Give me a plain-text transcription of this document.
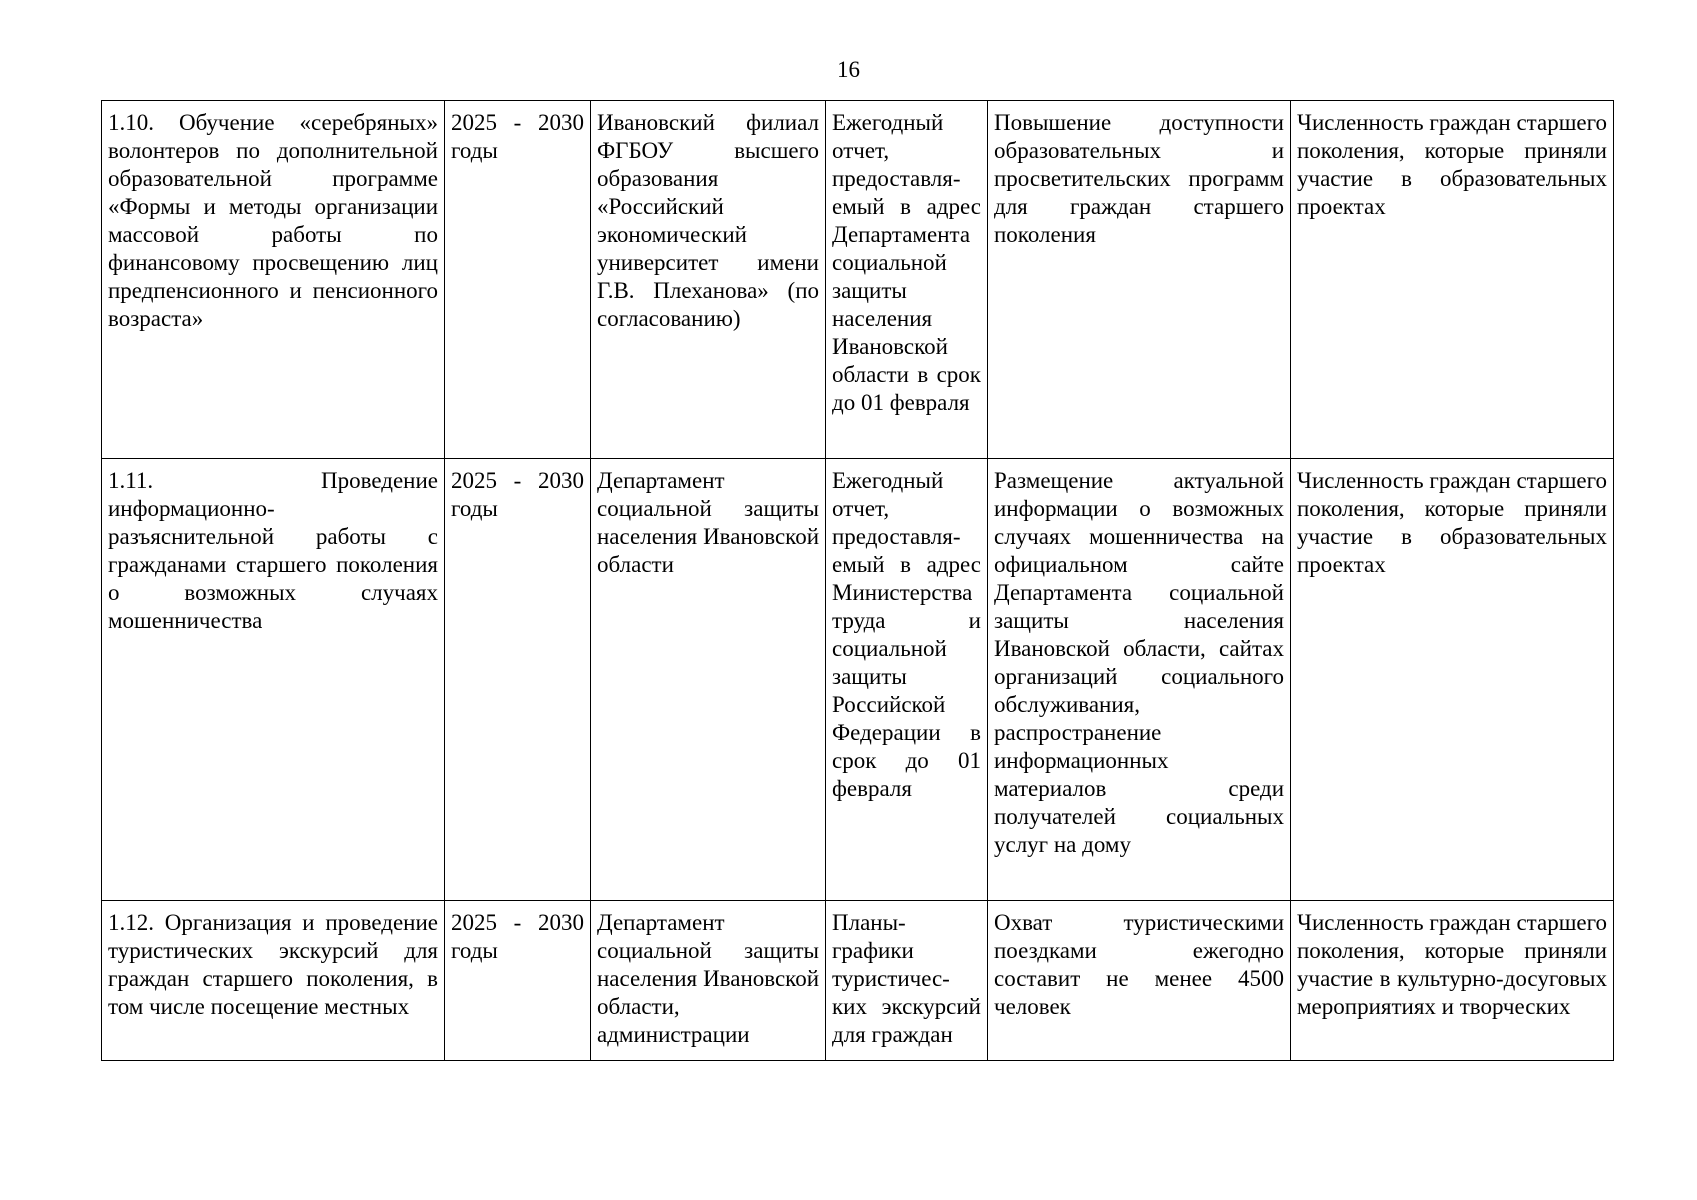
16
1.10. Обучение «серебряных» волонтеров по дополнительной образовательной программе «Формы и методы организации массовой работы по финансовому просвещению лиц предпенсионного и пенсионного возраста»	2025 - 2030 годы	Ивановский филиал ФГБОУ высшего образования «Российский экономический университет имени Г.В. Плеханова» (по согласованию)	Ежегодный отчет, предоставля-емый в адрес Департамента социальной защиты населения Ивановской области в срок до 01 февраля	Повышение доступности образовательных и просветительских программ для граждан старшего поколения	Численность граждан старшего поколения, которые приняли участие в образовательных проектах

1.11. Проведение информационно-разъяснительной работы с гражданами старшего поколения о возможных случаях мошенничества	2025 - 2030 годы	Департамент социальной защиты населения Ивановской области	Ежегодный отчет, предоставля-емый в адрес Министерства труда и социальной защиты Российской Федерации в срок до 01 февраля	Размещение актуальной информации о возможных случаях мошенничества на официальном сайте Департамента социальной защиты населения Ивановской области, сайтах организаций социального обслуживания, распространение информационных материалов среди получателей социальных услуг на дому	Численность граждан старшего поколения, которые приняли участие в образовательных проектах

1.12. Организация и проведение туристических экскурсий для граждан старшего поколения, в том числе посещение местных	2025 - 2030 годы	Департамент социальной защиты населения Ивановской области, администрации	Планы-графики туристичес-ких экскурсий для граждан	Охват туристическими поездками ежегодно составит не менее 4500 человек	Численность граждан старшего поколения, которые приняли участие в культурно-досуговых мероприятиях и творческих
